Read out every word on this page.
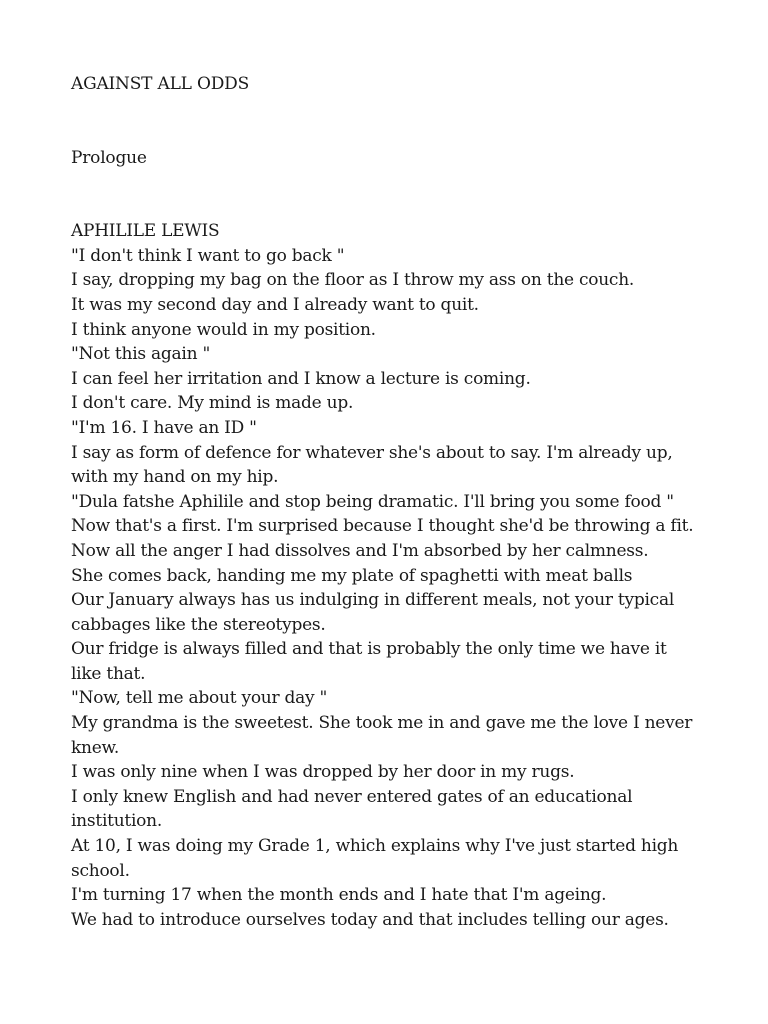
AGAINST ALL ODDS
Prologue

APHILILE LEWIS

"I don't think I want to go back "

I say, dropping my bag on the floor as I throw my ass on the couch.

It was my second day and I already want to quit.

I think anyone would in my position.

"Not this again "

I can feel her irritation and I know a lecture is coming.

I don't care. My mind is made up.

"I'm 16. I have an ID "

I say as form of defence for whatever she's about to say. I'm already up,

with my hand on my hip.

"Dula fatshe Aphilile and stop being dramatic. I'll bring you some food "

Now that's a first. I'm surprised because I thought she'd be throwing a fit.

Now all the anger I had dissolves and I'm absorbed by her calmness.

She comes back, handing me my plate of spaghetti with meat balls

Our January always has us indulging in different meals, not your typical

cabbages like the stereotypes.

Our fridge is always filled and that is probably the only time we have it

like that.

"Now, tell me about your day "

My grandma is the sweetest. She took me in and gave me the love I never

knew.

I was only nine when I was dropped by her door in my rugs.

I only knew English and had never entered gates of an educational

institution.

At 10, I was doing my Grade 1, which explains why I've just started high

school.

I'm turning 17 when the month ends and I hate that I'm ageing.

We had to introduce ourselves today and that includes telling our ages.
